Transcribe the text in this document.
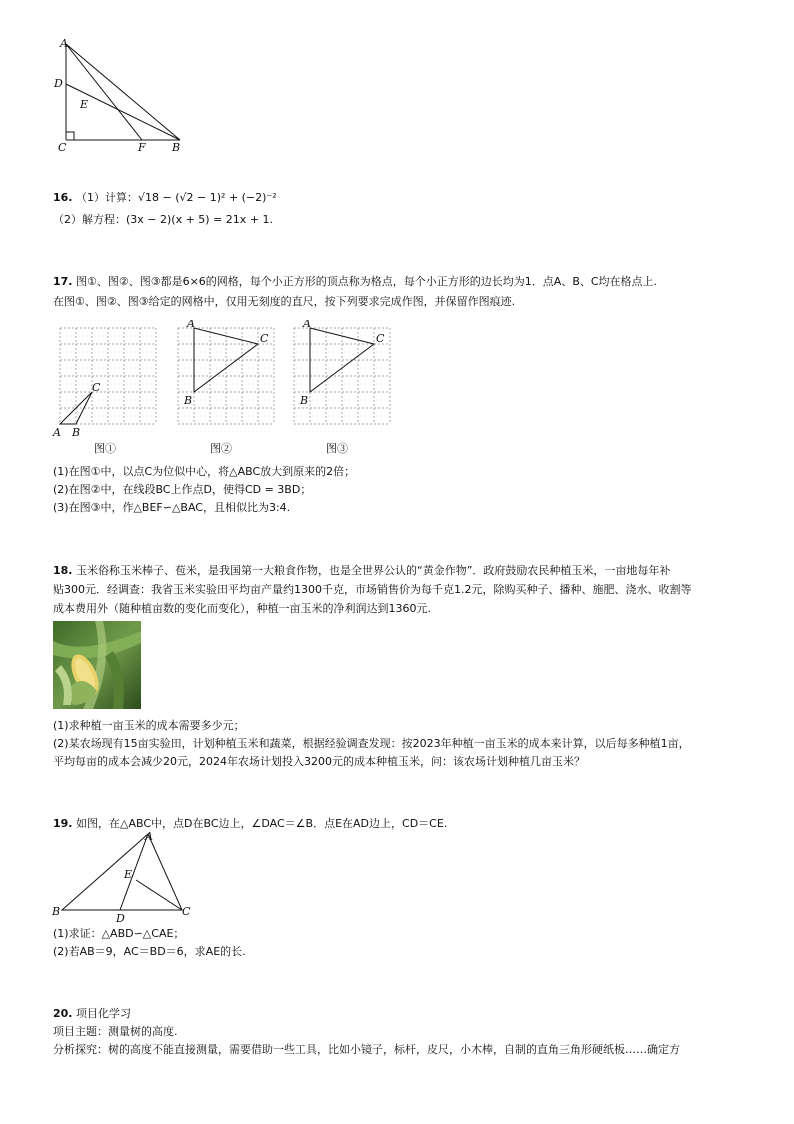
A
D
E
C	F B
16. （1）计算：√18 − (√2 − 1)² + (−2)⁻²
（2）解方程：(3x − 2)(x + 5) = 21x + 1.
17. 图①、图②、图③都是6×6的网格，每个小正方形的顶点称为格点，每个小正方形的边长均为1．点A、B、C均在格点上.
在图①、图②、图③给定的网格中，仅用无刻度的直尺，按下列要求完成作图，并保留作图痕迹.
A B
C
A
B
C
A
B
C
图①	图②	图③
(1)在图①中，以点C为位似中心，将△ABC放大到原来的2倍；
(2)在图②中，在线段BC上作点D，使得CD = 3BD；
(3)在图③中，作△BEF∽△BAC，且相似比为3:4.
18. 玉米俗称玉米棒子、苞米，是我国第一大粮食作物，也是全世界公认的“黄金作物”．政府鼓励农民种植玉米，一亩地每年补
贴300元．经调查：我省玉米实验田平均亩产量约1300千克，市场销售价为每千克1.2元，除购买种子、播种、施肥、浇水、收割等
成本费用外（随种植亩数的变化而变化），种植一亩玉米的净利润达到1360元.
(1)求种植一亩玉米的成本需要多少元；
(2)某农场现有15亩实验田，计划种植玉米和蔬菜，根据经验调查发现：按2023年种植一亩玉米的成本来计算，以后每多种植1亩，
平均每亩的成本会减少20元，2024年农场计划投入3200元的成本种植玉米，问：该农场计划种植几亩玉米？
19. 如图，在△ABC中，点D在BC边上，∠DAC＝∠B．点E在AD边上，CD＝CE.
A
E
B
D
C
(1)求证：△ABD∽△CAE；
(2)若AB＝9，AC＝BD＝6，求AE的长.
20. 项目化学习
项目主题：测量树的高度.
分析探究：树的高度不能直接测量，需要借助一些工具，比如小镜子，标杆，皮尺，小木棒，自制的直角三角形硬纸板……确定方
